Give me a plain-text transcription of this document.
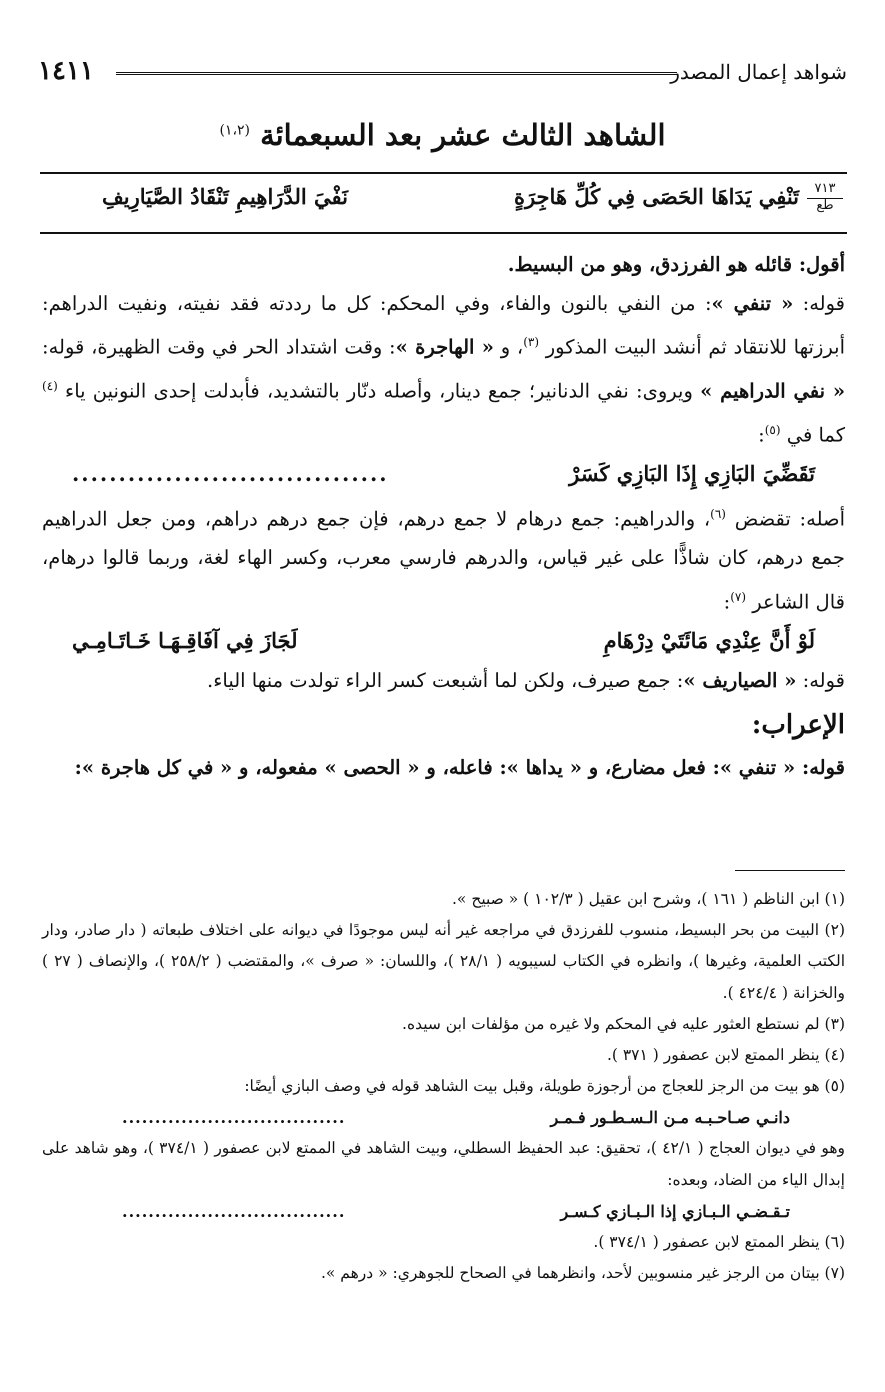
شواهد إعمال المصدر
١٤١١
الشاهد الثالث عشر بعد السبعمائة $^{(١،٢)}$
٧١٣
طع
تَنْفِي يَدَاهَا الحَصَى فِي كُلِّ هَاجِرَةٍ
نَفْيَ الدَّرَاهِيمِ تَنْقَادُ الصَّيَارِيفِ

أقول: قائله هو الفرزدق، وهو من البسيط.

قوله: « تنفي »: من النفي بالنون والفاء، وفي المحكم: كل ما رددته فقد نفيته، ونفيت الدراهم: أبرزتها للانتقاد ثم أنشد البيت المذكور $^{(٣)}$، و « الهاجرة »: وقت اشتداد الحر في وقت الظهيرة، قوله: « نفي الدراهيم » ويروى: نفي الدنانير؛ جمع دينار، وأصله دنّار بالتشديد، فأبدلت إحدى النونين ياء $^{(٤)}$ كما في $^{(٥)}$:

تَقَضِّيَ البَازِي إِذَا البَازِي كَسَرْ
..................................

أصله: تقضض $^{(٦)}$، والدراهيم: جمع درهام لا جمع درهم، فإن جمع درهم دراهم، ومن جعل الدراهيم جمع درهم، كان شاذًّا على غير قياس، والدرهم فارسي معرب، وكسر الهاء لغة، وربما قالوا درهام، قال الشاعر $^{(٧)}$:

لَوْ أَنَّ عِنْدِي مَائَتَيْ دِرْهَامِ
لَجَازَ فِي آفَاقِـهَـا خَـاتَـامِـي

قوله: « الصياريف »: جمع صيرف، ولكن لما أشبعت كسر الراء تولدت منها الياء.

الإعراب:

قوله: « تنفي »: فعل مضارع، و « يداها »: فاعله، و « الحصى » مفعوله، و « في كل هاجرة »:

(١) ابن الناظم ( ١٦١ )، وشرح ابن عقيل ( ١٠٢/٣ ) « صبيح ».

(٢) البيت من بحر البسيط، منسوب للفرزدق في مراجعه غير أنه ليس موجودًا في ديوانه على اختلاف طبعاته ( دار صادر، ودار الكتب العلمية، وغيرها )، وانظره في الكتاب لسيبويه ( ٢٨/١ )، واللسان: « صرف »، والمقتضب ( ٢٥٨/٢ )، والإنصاف ( ٢٧ ) والخزانة ( ٤٢٤/٤ ).

(٣) لم نستطع العثور عليه في المحكم ولا غيره من مؤلفات ابن سيده.

(٤) ينظر الممتع لابن عصفور ( ٣٧١ ).

(٥) هو بيت من الرجز للعجاج من أرجوزة طويلة، وقبل بيت الشاهد قوله في وصف البازي أيضًا:

دانـي صـاحـبـه مـن الـسـطـور فـمـر
..................................

وهو في ديوان العجاج ( ٤٢/١ )، تحقيق: عبد الحفيظ السطلي، وبيت الشاهد في الممتع لابن عصفور ( ٣٧٤/١ )، وهو شاهد على إبدال الياء من الضاد، وبعده:

تـقـضـي الـبـازي إذا الـبـازي كـسـر
..................................

(٦) ينظر الممتع لابن عصفور ( ٣٧٤/١ ).

(٧) بيتان من الرجز غير منسوبين لأحد، وانظرهما في الصحاح للجوهري: « درهم ».
